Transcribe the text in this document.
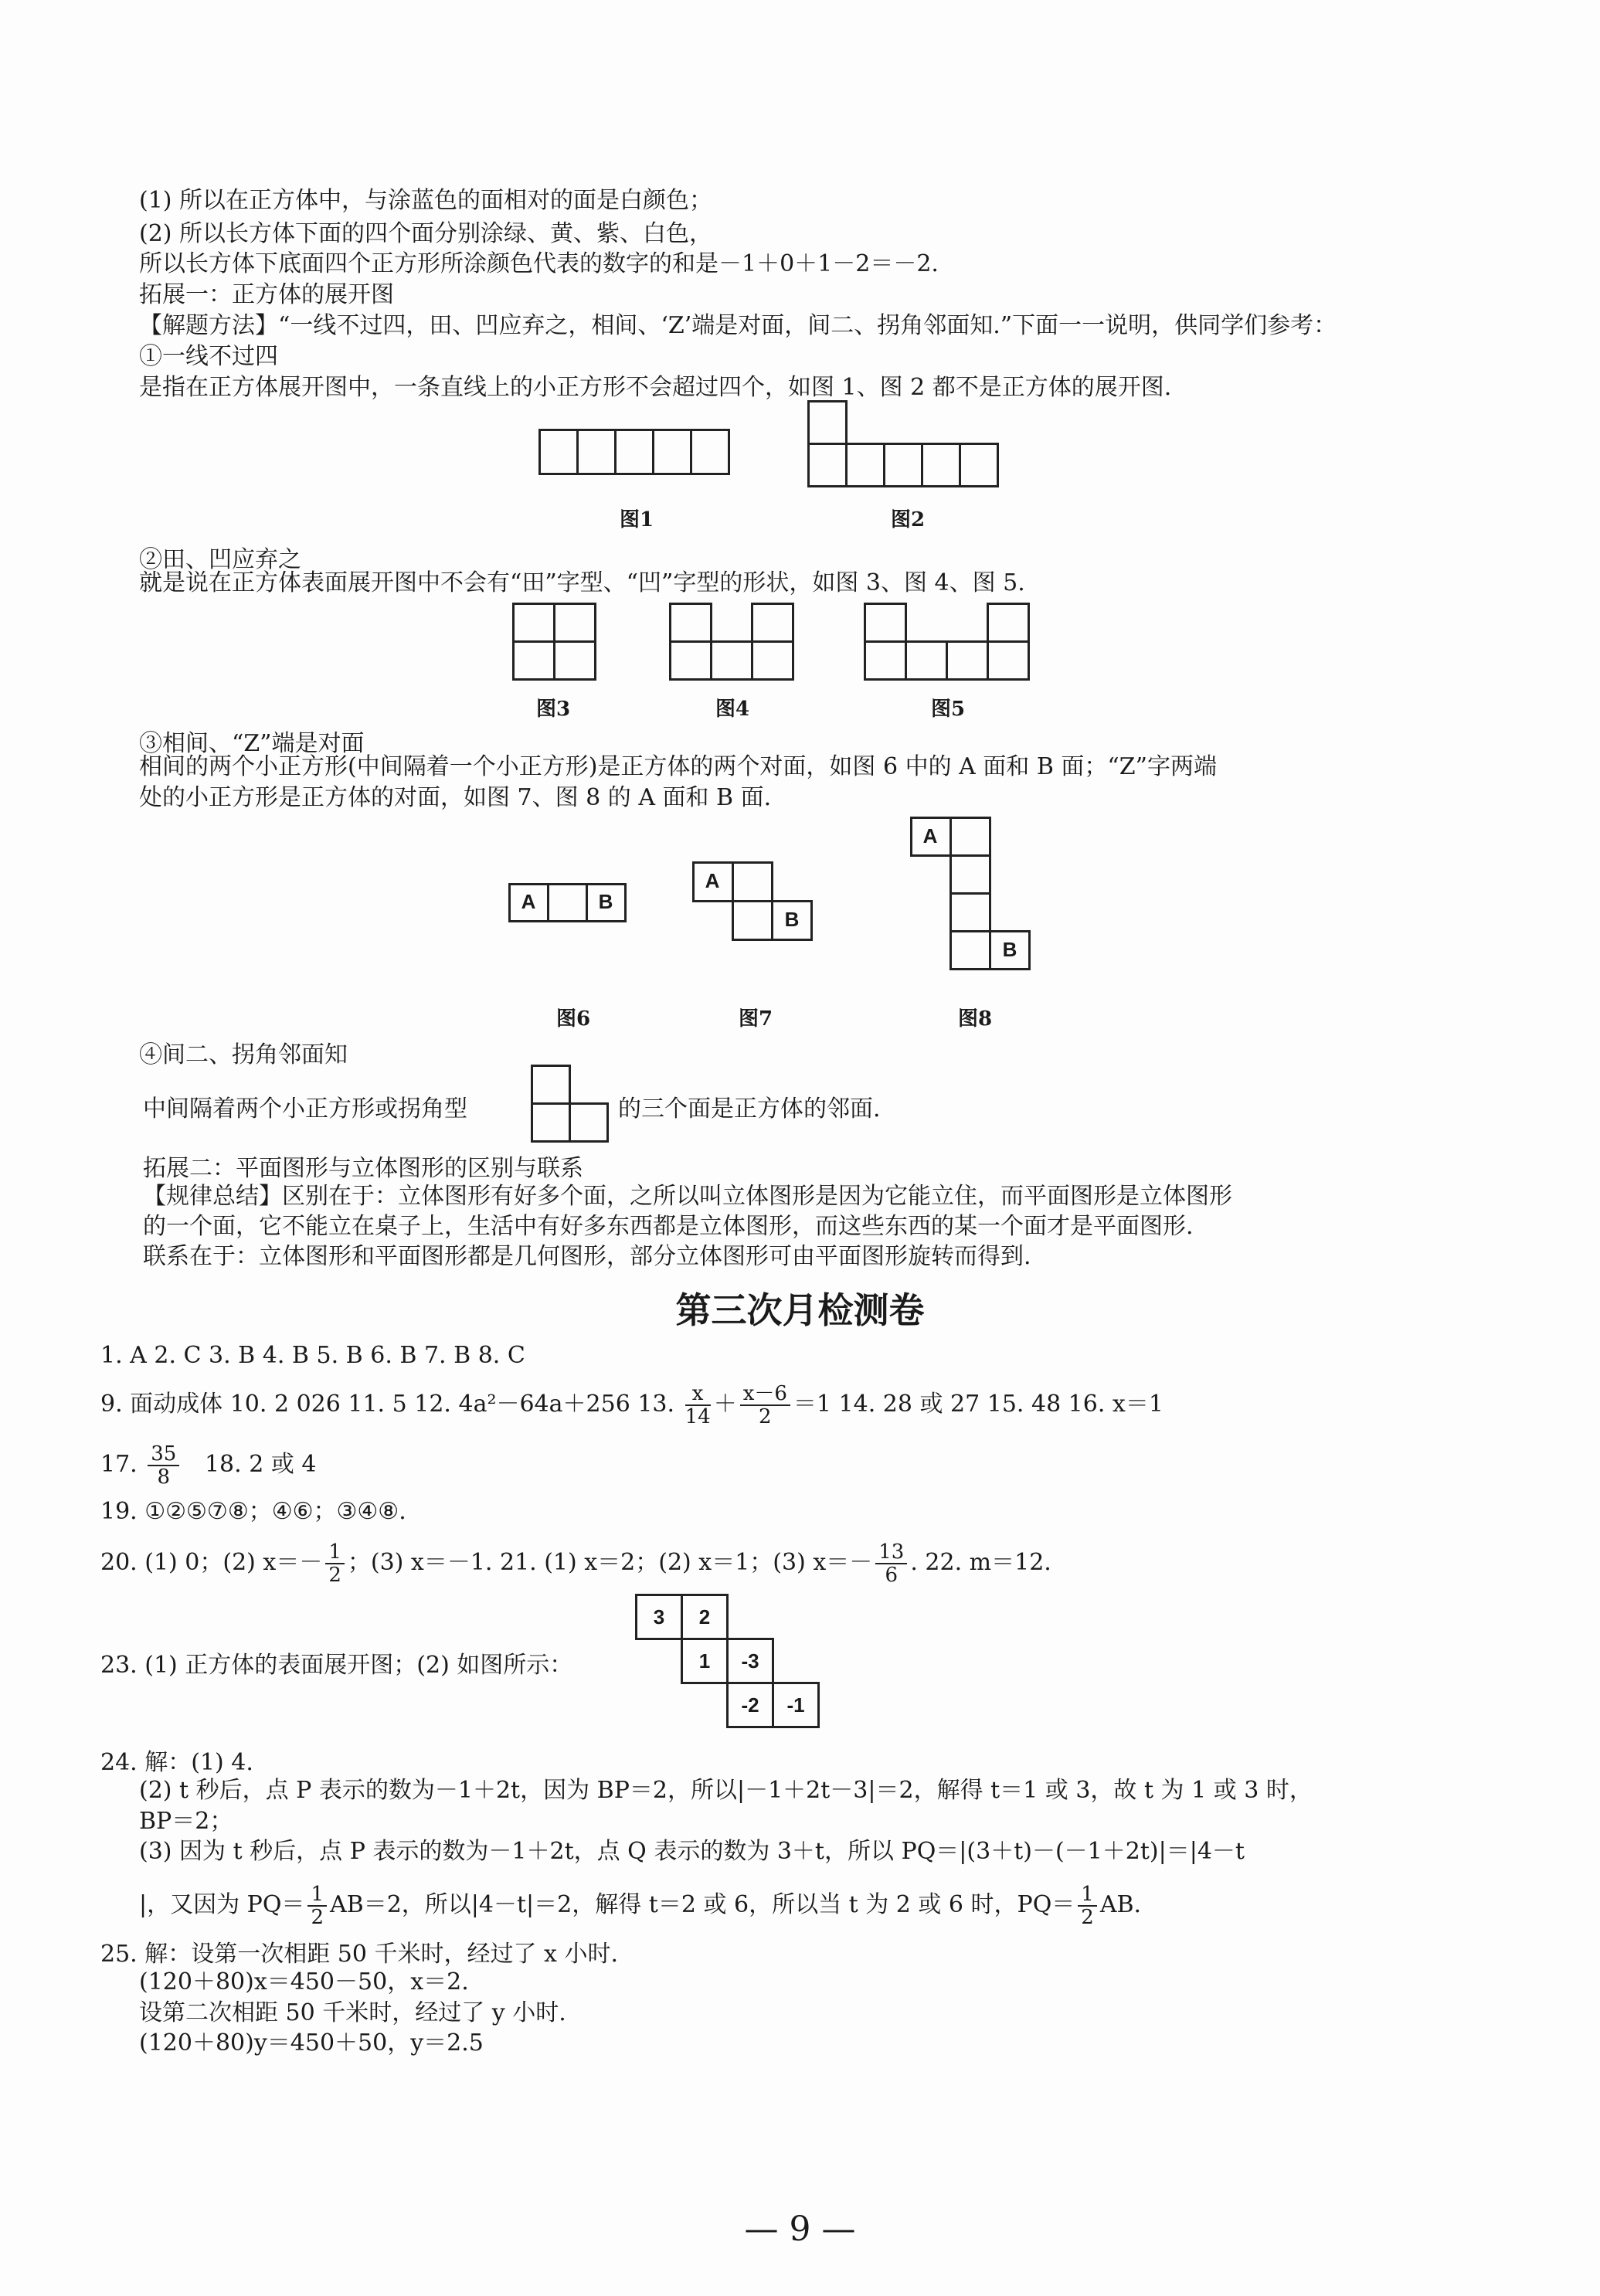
(1) 所以在正方体中，与涂蓝色的面相对的面是白颜色；
(2) 所以长方体下面的四个面分别涂绿、黄、紫、白色，
所以长方体下底面四个正方形所涂颜色代表的数字的和是－1＋0＋1－2＝－2.
拓展一：正方体的展开图
【解题方法】“一线不过四，田、凹应弃之，相间、‘Z’端是对面，间二、拐角邻面知.”下面一一说明，供同学们参考：
①一线不过四
是指在正方体展开图中，一条直线上的小正方形不会超过四个，如图 1、图 2 都不是正方体的展开图.
图1	图2
②田、凹应弃之
就是说在正方体表面展开图中不会有“田”字型、“凹”字型的形状，如图 3、图 4、图 5.
图3	图4	图5
③相间、“Z”端是对面
相间的两个小正方形(中间隔着一个小正方形)是正方体的两个对面，如图 6 中的 A 面和 B 面；“Z”字两端
处的小正方形是正方体的对面，如图 7、图 8 的 A 面和 B 面.
A	B
图6
A
B
图7
A
B
图8
④间二、拐角邻面知
中间隔着两个小正方形或拐角型	的三个面是正方体的邻面.
拓展二：平面图形与立体图形的区别与联系
【规律总结】区别在于：立体图形有好多个面，之所以叫立体图形是因为它能立住，而平面图形是立体图形
的一个面，它不能立在桌子上，生活中有好多东西都是立体图形，而这些东西的某一个面才是平面图形.
联系在于：立体图形和平面图形都是几何图形，部分立体图形可由平面图形旋转而得到.
第三次月检测卷
1. A 2. C 3. B 4. B 5. B 6. B 7. B 8. C
9. 面动成体 10. 2 026 11. 5 12. 4a²－64a＋256 13. $\frac{x}{14} + \frac{x-6}{2} =1$ 14. 28 或 27 15. 48 16. x＝1
17. $\frac{35}{8} 18$. 2 或 4
19. ①②⑤⑦⑧；④⑥；③④⑧.
20. (1) 0；(2) $x=- \frac{1}{2}$ ；(3) x＝－1. 21. (1) x＝2；(2) x＝1；(3) $x=- \frac{13}{6}$ . 22. m＝12.
3	2
1	-3
-2	-1
23. (1) 正方体的表面展开图；(2) 如图所示：
24. 解：(1) 4.
(2) t 秒后，点 P 表示的数为－1＋2t，因为 BP＝2，所以|－1＋2t－3|＝2，解得 t＝1 或 3，故 t 为 1 或 3 时，
BP＝2；
(3) 因为 t 秒后，点 P 表示的数为－1＋2t，点 Q 表示的数为 3＋t，所以 PQ＝|(3＋t)－(－1＋2t)|＝|4－t
|，又因为 $PQ= \frac{1}{2} AB=2$，所以|4－t|＝2，解得 t＝2 或 6，所以当 t 为 2 或 6 时，$PQ= \frac{1}{2}$ AB.
25. 解：设第一次相距 50 千米时，经过了 x 小时.
(120＋80)x＝450－50，x＝2.
设第二次相距 50 千米时，经过了 y 小时.
(120＋80)y＝450＋50，y＝2.5
— 9 —
